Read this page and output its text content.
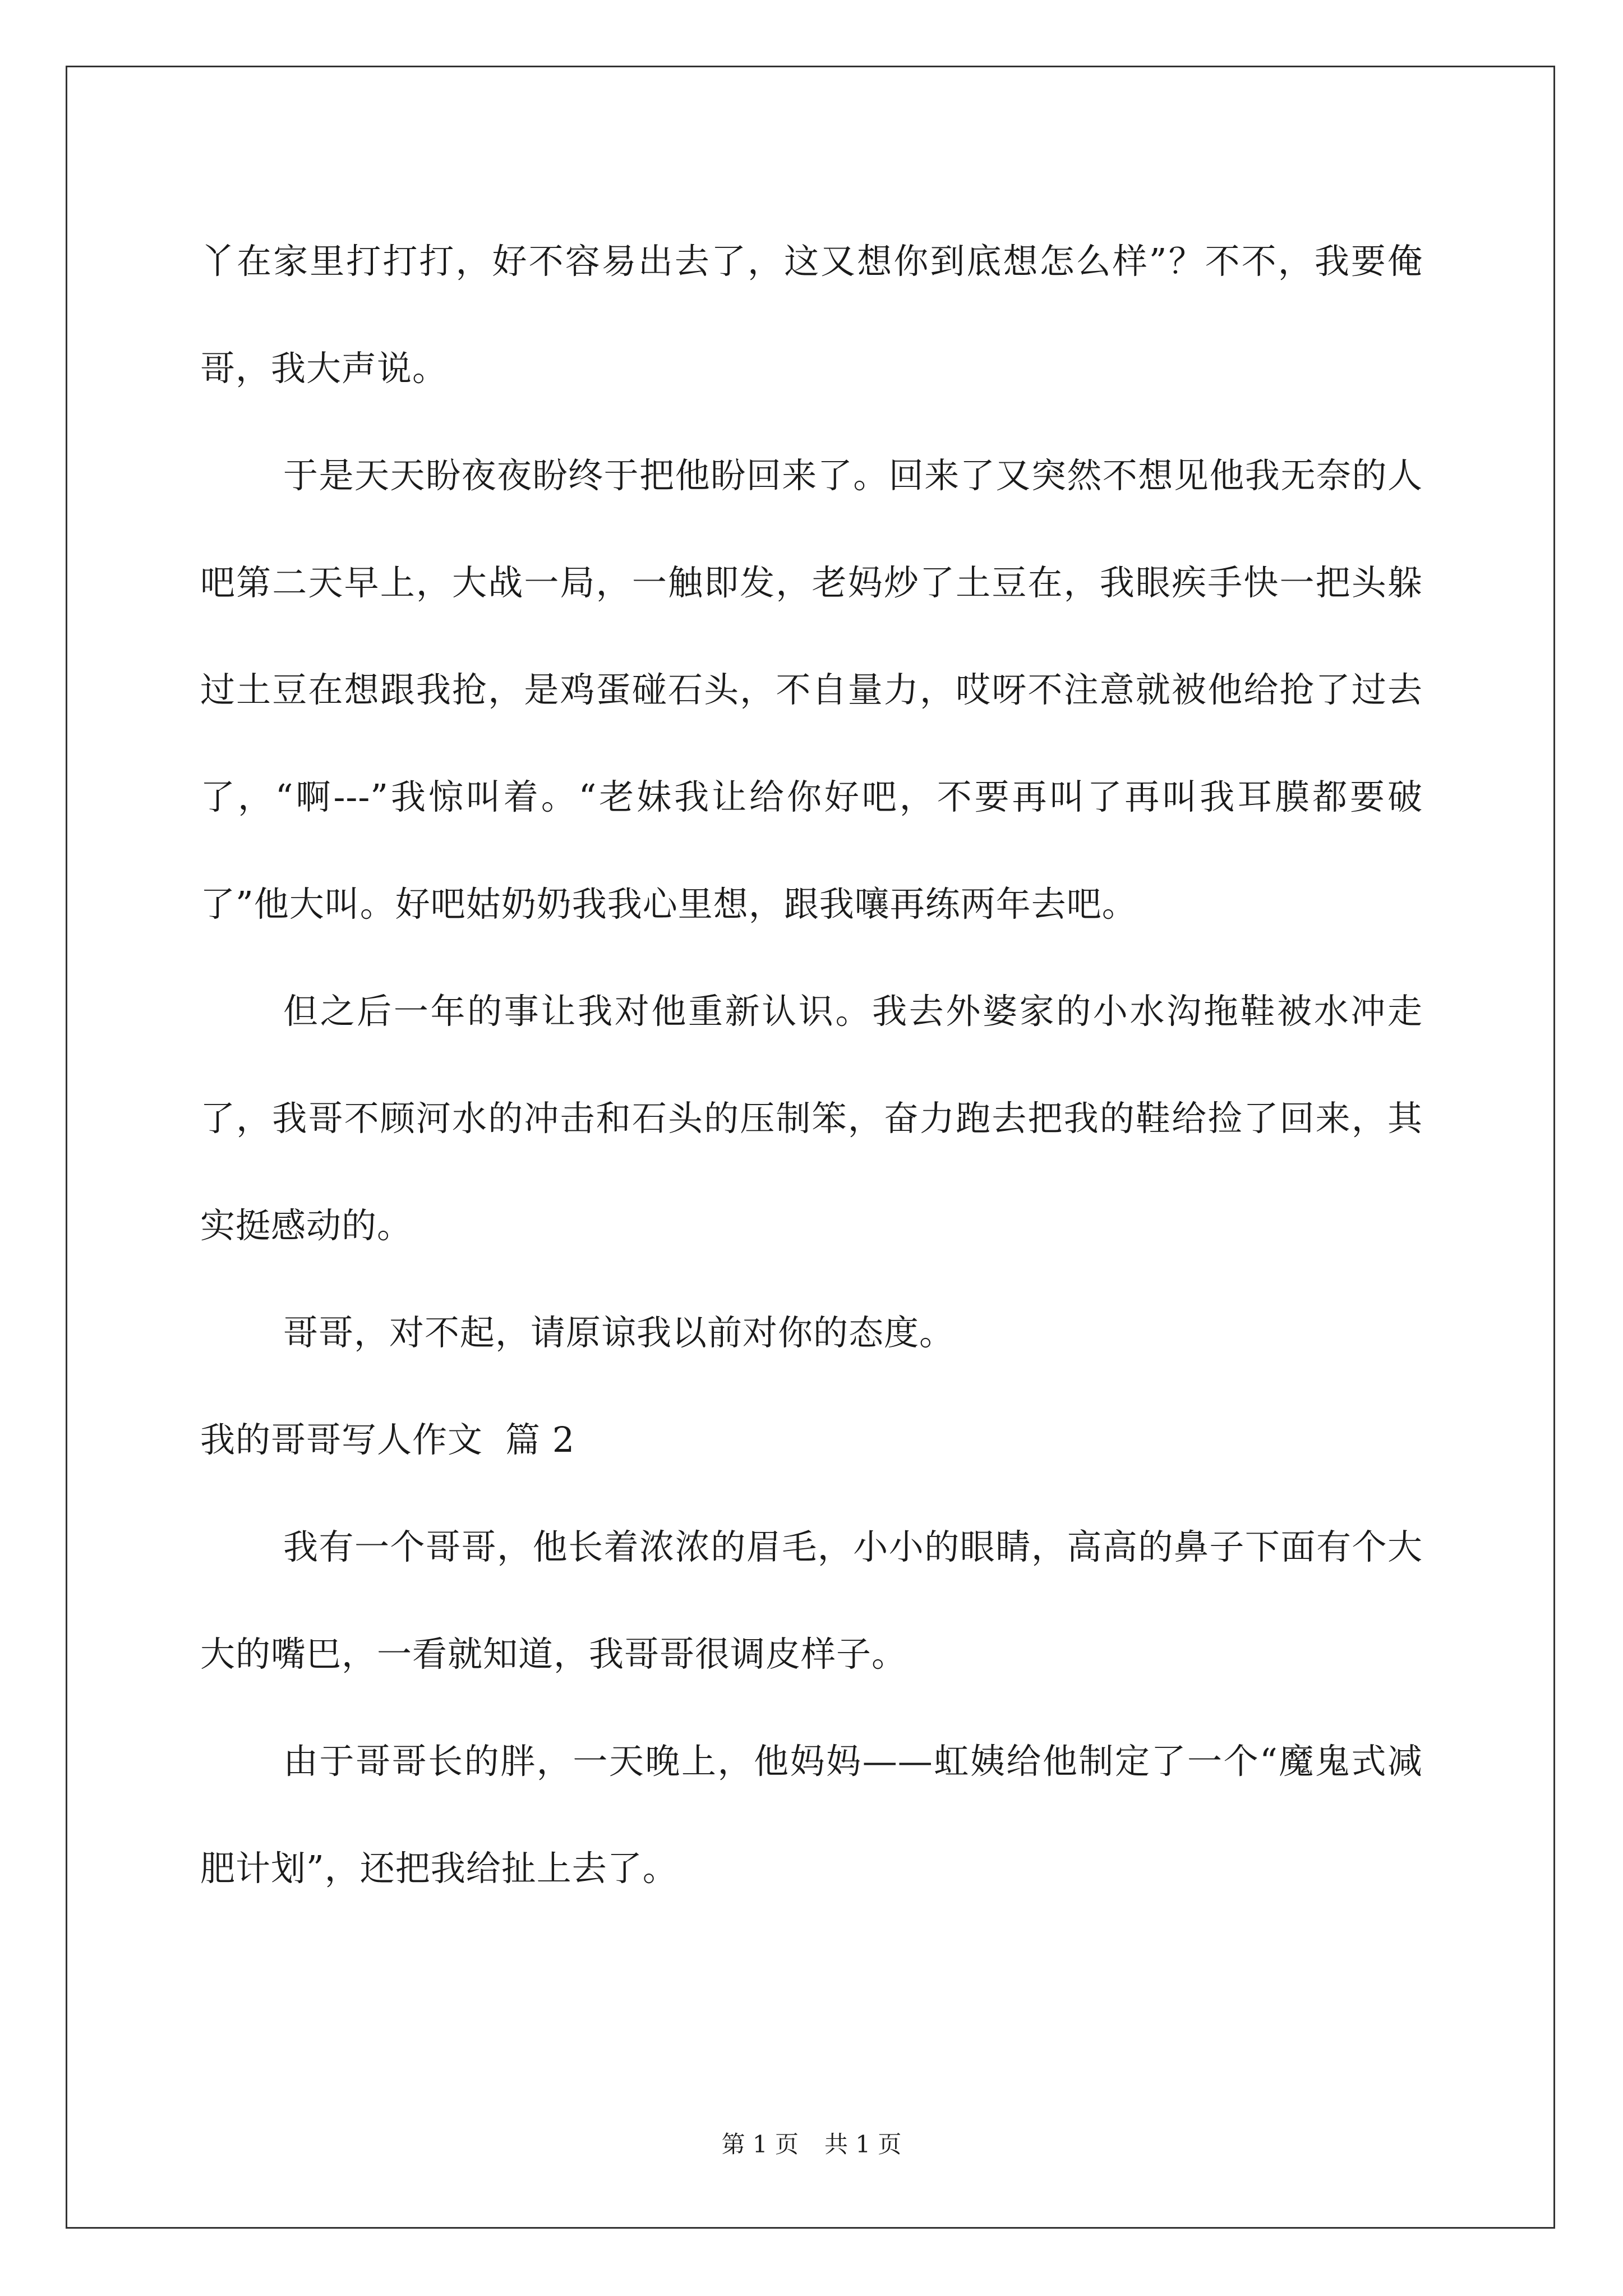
丫在家里打打打，好不容易出去了，这又想你到底想怎么样”？不不，我要俺哥，我大声说。

于是天天盼夜夜盼终于把他盼回来了。回来了又突然不想见他我无奈的人吧第二天早上，大战一局，一触即发，老妈炒了土豆在，我眼疾手快一把头躲过土豆在想跟我抢，是鸡蛋碰石头，不自量力，哎呀不注意就被他给抢了过去了，“啊---”我惊叫着。“老妹我让给你好吧，不要再叫了再叫我耳膜都要破了”他大叫。好吧姑奶奶我我心里想，跟我嚷再练两年去吧。

但之后一年的事让我对他重新认识。我去外婆家的小水沟拖鞋被水冲走了，我哥不顾河水的冲击和石头的压制笨，奋力跑去把我的鞋给捡了回来，其实挺感动的。

哥哥，对不起，请原谅我以前对你的态度。

我的哥哥写人作文 篇 2

我有一个哥哥，他长着浓浓的眉毛，小小的眼睛，高高的鼻子下面有个大大的嘴巴，一看就知道，我哥哥很调皮样子。

由于哥哥长的胖，一天晚上，他妈妈——虹姨给他制定了一个“魔鬼式减肥计划”，还把我给扯上去了。

第 1 页 共 1 页
